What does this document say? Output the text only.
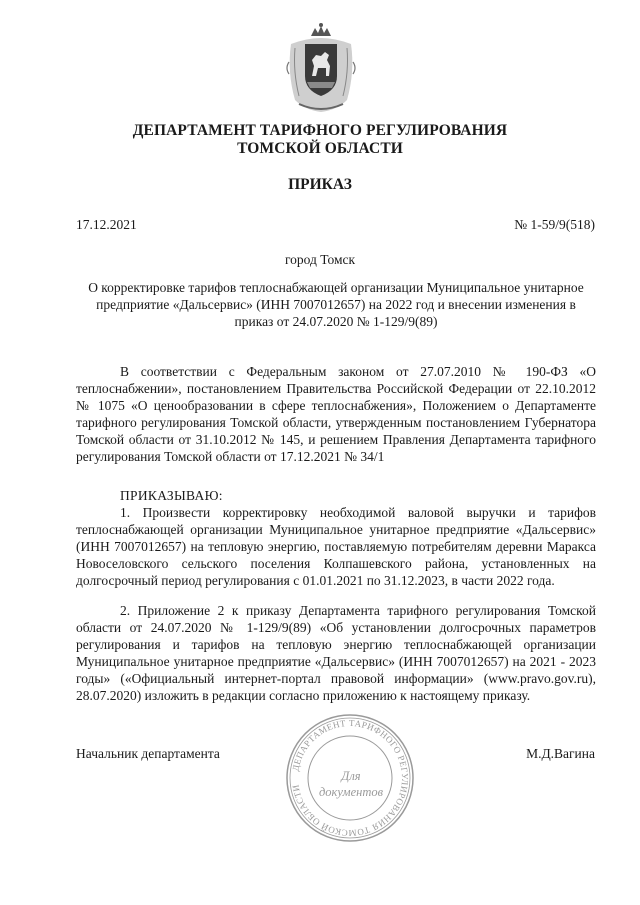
ДЕПАРТАМЕНТ ТАРИФНОГО РЕГУЛИРОВАНИЯ
ТОМСКОЙ ОБЛАСТИ
ПРИКАЗ
17.12.2021	№ 1-59/9(518)
город Томск
О корректировке тарифов теплоснабжающей организации Муниципальное унитарное предприятие «Дальсервис» (ИНН 7007012657) на 2022 год и внесении изменения в приказ от 24.07.2020 № 1-129/9(89)
В соответствии с Федеральным законом от 27.07.2010 № 190-ФЗ «О теплоснабжении», постановлением Правительства Российской Федерации от 22.10.2012 № 1075 «О ценообразовании в сфере теплоснабжения», Положением о Департаменте тарифного регулирования Томской области, утвержденным постановлением Губернатора Томской области от 31.10.2012 № 145, и решением Правления Департамента тарифного регулирования Томской области от 17.12.2021 № 34/1
ПРИКАЗЫВАЮ:
1. Произвести корректировку необходимой валовой выручки и тарифов теплоснабжающей организации Муниципальное унитарное предприятие «Дальсервис» (ИНН 7007012657) на тепловую энергию, поставляемую потребителям деревни Маракса Новоселовского сельского поселения Колпашевского района, установленных на долгосрочный период регулирования с 01.01.2021 по 31.12.2023, в части 2022 года.
2. Приложение 2 к приказу Департамента тарифного регулирования Томской области от 24.07.2020 № 1-129/9(89) «Об установлении долгосрочных параметров регулирования и тарифов на тепловую энергию теплоснабжающей организации Муниципальное унитарное предприятие «Дальсервис» (ИНН 7007012657) на 2021 - 2023 годы» («Официальный интернет-портал правовой информации» (www.pravo.gov.ru), 28.07.2020) изложить в редакции согласно приложению к настоящему приказу.
Начальник департамента	М.Д.Вагина
ДЕПАРТАМЕНТ ТАРИФНОГО РЕГУЛИРОВАНИЯ ТОМСКОЙ ОБЛАСТИ
Для
документов
